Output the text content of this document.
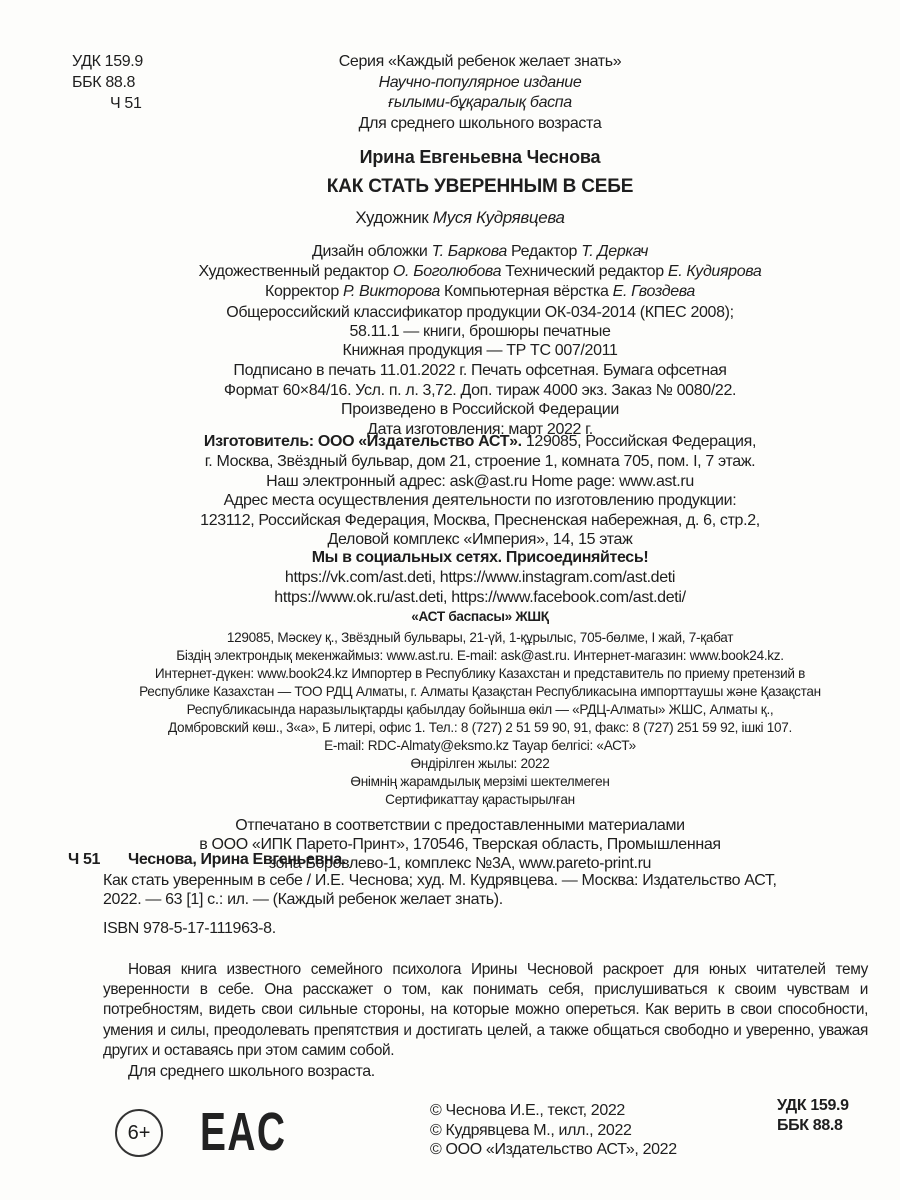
6+ EAC
УДК 159.9
ББК 88.8
Ч 51
Серия «Каждый ребенок желает знать»
Научно-популярное издание
ғылыми-бұқаралық баспа
Для среднего школьного возраста
Ирина Евгеньевна Чеснова
КАК СТАТЬ УВЕРЕННЫМ В СЕБЕ
Художник Муся Кудрявцева
Дизайн обложки Т. Баркова Редактор Т. Деркач
Художественный редактор О. Боголюбова Технический редактор Е. Кудиярова
Корректор Р. Викторова Компьютерная вёрстка Е. Гвоздева
Общероссийский классификатор продукции ОК-034-2014 (КПЕС 2008);
58.11.1 — книги, брошюры печатные
Книжная продукция — ТР ТС 007/2011
Подписано в печать 11.01.2022 г. Печать офсетная. Бумага офсетная
Формат 60×84/16. Усл. п. л. 3,72. Доп. тираж 4000 экз. Заказ № 0080/22.
Произведено в Российской Федерации
Дата изготовления: март 2022 г.
Изготовитель: ООО «Издательство АСТ». 129085, Российская Федерация,
г. Москва, Звёздный бульвар, дом 21, строение 1, комната 705, пом. I, 7 этаж.
Наш электронный адрес: ask@ast.ru Home page: www.ast.ru
Адрес места осуществления деятельности по изготовлению продукции:
123112, Российская Федерация, Москва, Пресненская набережная, д. 6, стр.2,
Деловой комплекс «Империя», 14, 15 этаж
Мы в социальных сетях. Присоединяйтесь!
https://vk.com/ast.deti, https://www.instagram.com/ast.deti
https://www.ok.ru/ast.deti, https://www.facebook.com/ast.deti/
«АСТ баспасы» ЖШҚ
129085, Мәскеу қ., Звёздный бульвары, 21-үй, 1-құрылыс, 705-бөлме, I жай, 7-қабат
Біздің электрондық мекенжаймыз: www.ast.ru. E-mail: ask@ast.ru. Интернет-магазин: www.book24.kz.
Интернет-дүкен: www.book24.kz Импортер в Республику Казахстан и представитель по приему претензий в
Республике Казахстан — ТОО РДЦ Алматы, г. Алматы Қазақстан Республикасына импорттаушы және Қазақстан
Республикасында наразылықтарды қабылдау бойынша өкіл — «РДЦ-Алматы» ЖШС, Алматы қ.,
Домбровский көш., 3«а», Б литері, офис 1. Тел.: 8 (727) 2 51 59 90, 91, факс: 8 (727) 251 59 92, ішкі 107.
E-mail: RDC-Almaty@eksmo.kz Тауар белгісі: «АСТ»
Өндірілген жылы: 2022
Өнімнің жарамдылық мерзімі шектелмеген
Сертификаттау қарастырылған
Отпечатано в соответствии с предоставленными материалами
в ООО «ИПК Парето-Принт», 170546, Тверская область, Промышленная
зона Боровлево-1, комплекс №3А, www.pareto-print.ru
Ч 51 Чеснова, Ирина Евгеньевна.
Как стать уверенным в себе / И.Е. Чеснова; худ. М. Кудрявцева. — Москва: Издательство АСТ,
2022. — 63 [1] с.: ил. — (Каждый ребенок желает знать).
ISBN 978-5-17-111963-8.
Новая книга известного семейного психолога Ирины Чесновой раскроет для юных читателей тему уверенности в себе. Она расскажет о том, как понимать себя, прислушиваться к своим чувствам и потребностям, видеть свои сильные стороны, на которые можно опереться. Как верить в свои способности, умения и силы, преодолевать препятствия и достигать целей, а также общаться свободно и уверенно, уважая других и оставаясь при этом самим собой.
Для среднего школьного возраста.
УДК 159.9
ББК 88.8
© Чеснова И.Е., текст, 2022
© Кудрявцева М., илл., 2022
© ООО «Издательство АСТ», 2022
